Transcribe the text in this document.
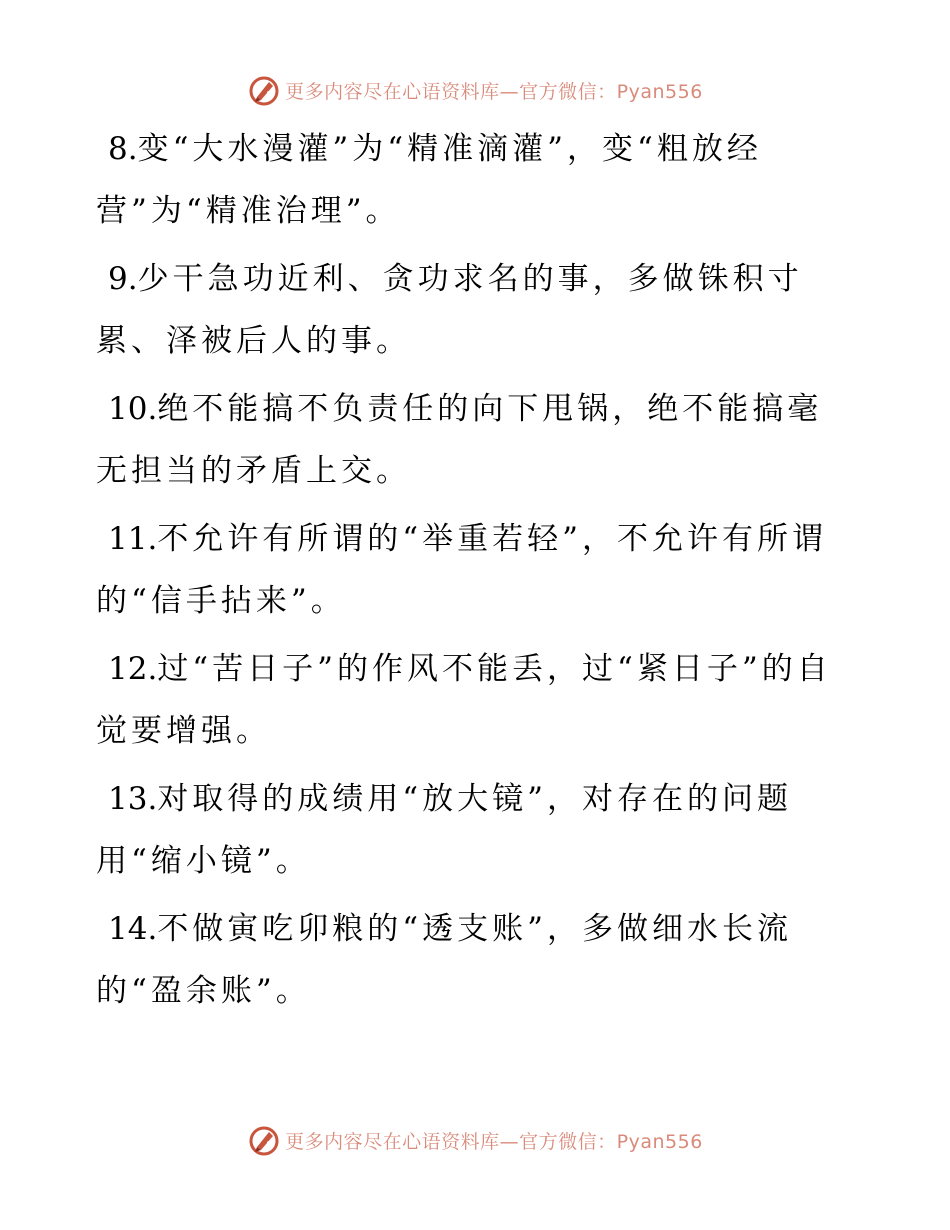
更多内容尽在心语资料库—官方微信：Pyan556

8.变“大水漫灌”为“精准滴灌”，变“粗放经营”为“精准治理”。

9.少干急功近利、贪功求名的事，多做铢积寸累、泽被后人的事。

10.绝不能搞不负责任的向下甩锅，绝不能搞毫无担当的矛盾上交。

11.不允许有所谓的“举重若轻”，不允许有所谓的“信手拈来”。

12.过“苦日子”的作风不能丢，过“紧日子”的自觉要增强。

13.对取得的成绩用“放大镜”，对存在的问题用“缩小镜”。

14.不做寅吃卯粮的“透支账”，多做细水长流的“盈余账”。

更多内容尽在心语资料库—官方微信：Pyan556
